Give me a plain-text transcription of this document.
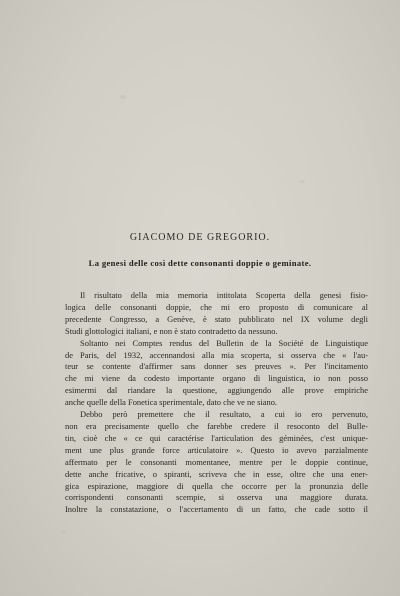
GIACOMO DE GREGORIO.
La genesi delle così dette consonanti doppie o geminate.

Il risultato della mia memoria intitolata Scoperta della genesi fisio-
logica delle consonanti doppie, che mi ero proposto di comunicare al
precedente Congresso, a Genève, è stato pubblicato nel IX volume degli
Studi glottologici italiani, e non è stato contradetto da nessuno.

Soltanto nei Comptes rendus del Bulletin de la Société de Linguistique
de Paris, del 1932, accennandosi alla mia scoperta, si osserva che « l'au-
teur se contente d'affirmer sans donner ses preuves ». Per l'incitamento
che mi viene da codesto importante organo di linguistica, io non posso
esimermi dal riandare la questione, aggiungendo alle prove empiriche
anche quelle della Fonetica sperimentale, dato che ve ne siano.

Debbo però premettere che il resultato, a cui io ero pervenuto,
non era precisamente quello che farebbe credere il resoconto del Bulle-
tin, cioè che « ce qui caractérise l'articulation des géminées, c'est unique-
ment une plus grande force articulatoire ». Questo io avevo parzialmente
affermato per le consonanti momentanee, mentre per le doppie continue,
dette anche fricative, o spiranti, scriveva che in esse, oltre che una ener-
gica espirazione, maggiore di quella che occorre per la pronunzia delle
corrispondenti consonanti scempie, si osserva una maggiore durata.
Inoltre la constatazione, o l'accertamento di un fatto, che cade sotto il
